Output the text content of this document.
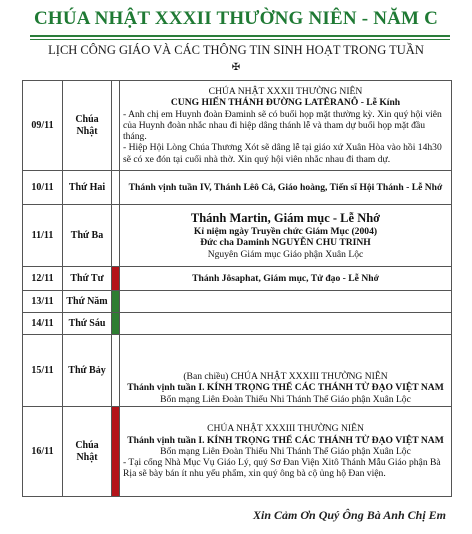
CHÚA NHẬT XXXII THƯỜNG NIÊN - NĂM C
LỊCH CÔNG GIÁO VÀ CÁC THÔNG TIN SINH HOẠT TRONG TUẦN
✠
09/11	Chúa Nhật		CHÚA NHẬT XXXII THƯỜNG NIÊN
CUNG HIẾN THÁNH ĐƯỜNG LATÊRANÔ - Lễ Kính
- Anh chị em Huynh đoàn Đaminh sẽ có buổi họp mặt thường kỳ. Xin quý hội viên của Huynh đoàn nhắc nhau đi hiệp dâng thánh lễ và tham dự buổi họp mặt đầu tháng.
- Hiệp Hội Lòng Chúa Thương Xót sẽ dâng lễ tại giáo xứ Xuân Hòa vào hồi 14h30 sẽ có xe đón tại cuối nhà thờ. Xin quý hội viên nhắc nhau đi tham dự.

10/11	Thứ Hai		Thánh vịnh tuần IV, Thánh Lêô Cả, Giáo hoàng, Tiến sĩ Hội Thánh - Lễ Nhớ
11/11	Thứ Ba		Thánh Martin, Giám mục - Lễ Nhớ
Kỉ niệm ngày Truyền chức Giám Mục (2004)
Đức cha Daminh NGUYỄN CHU TRINH
Nguyên Giám mục Giáo phận Xuân Lộc

12/11	Thứ Tư		Thánh Jôsaphat, Giám mục, Tử đạo - Lễ Nhớ
13/11	Thứ Năm		
14/11	Thứ Sáu		
15/11	Thứ Bảy		(Ban chiều) CHÚA NHẬT XXXIII THƯỜNG NIÊN
Thánh vịnh tuần I. KÍNH TRỌNG THỂ CÁC THÁNH TỬ ĐẠO VIỆT NAM
Bổn mạng Liên Đoàn Thiếu Nhi Thánh Thể Giáo phận Xuân Lộc

16/11	Chúa Nhật		CHÚA NHẬT XXXIII THƯỜNG NIÊN
Thánh vịnh tuần I. KÍNH TRỌNG THỂ CÁC THÁNH TỬ ĐẠO VIỆT NAM
Bổn mạng Liên Đoàn Thiếu Nhi Thánh Thể Giáo phận Xuân Lộc
- Tại cổng Nhà Mục Vụ Giáo Lý, quý Sơ Đan Viện Xitô Thánh Mẫu Giáo phận Bà Rịa sẽ bày bán ít nhu yếu phẩm, xin quý ông bà cộ ủng hộ Đan viện.
Xin Cảm Ơn Quý Ông Bà Anh Chị Em
